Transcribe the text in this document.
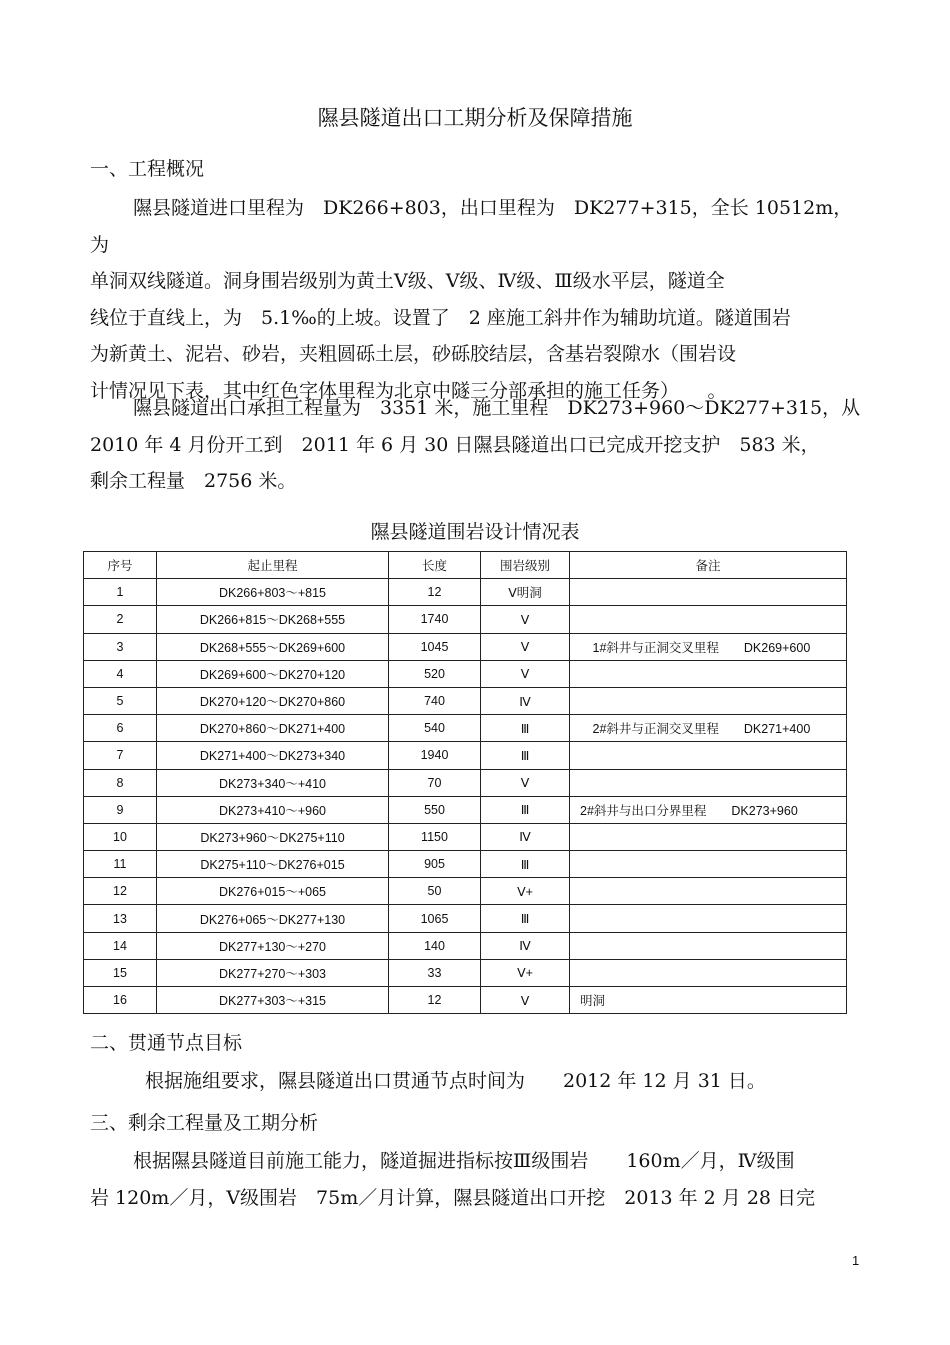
隰县隧道出口工期分析及保障措施
一、工程概况

隰县隧道进口里程为　DK266+803，出口里程为　DK277+315，全长 10512m，为

单洞双线隧道。洞身围岩级别为黄土Ⅴ级、Ⅴ级、Ⅳ级、Ⅲ级水平层，隧道全

线位于直线上，为　5.1‰的上坡。设置了　2 座施工斜井作为辅助坑道。隧道围岩

为新黄土、泥岩、砂岩，夹粗圆砾土层，砂砾胶结层，含基岩裂隙水（围岩设

计情况见下表，其中红色字体里程为北京中隧三分部承担的施工任务）　　。

隰县隧道出口承担工程量为　3351 米，施工里程　DK273+960～DK277+315，从

2010 年 4 月份开工到　2011 年 6 月 30 日隰县隧道出口已完成开挖支护　583 米，

剩余工程量　2756 米。

隰县隧道围岩设计情况表
序号	起止里程	长度	围岩级别	备注
1	DK266+803～+815	12	Ⅴ明洞	
2	DK266+815～DK268+555	1740	Ⅴ	
3	DK268+555～DK269+600	1045	Ⅴ	　1#斜井与正洞交叉里程　　DK269+600
4	DK269+600～DK270+120	520	Ⅴ	
5	DK270+120～DK270+860	740	Ⅳ	
6	DK270+860～DK271+400	540	Ⅲ	　2#斜井与正洞交叉里程　　DK271+400
7	DK271+400～DK273+340	1940	Ⅲ	
8	DK273+340～+410	70	Ⅴ	
9	DK273+410～+960	550	Ⅲ	2#斜井与出口分界里程　　DK273+960
10	DK273+960～DK275+110	1150	Ⅳ	
11	DK275+110～DK276+015	905	Ⅲ	
12	DK276+015～+065	50	Ⅴ+	
13	DK276+065～DK277+130	1065	Ⅲ	
14	DK277+130～+270	140	Ⅳ	
15	DK277+270～+303	33	Ⅴ+	
16	DK277+303～+315	12	Ⅴ	明洞
二、贯通节点目标

根据施组要求，隰县隧道出口贯通节点时间为　　2012 年 12 月 31 日。

三、剩余工程量及工期分析

根据隰县隧道目前施工能力，隧道掘进指标按Ⅲ级围岩　　160m／月，Ⅳ级围

岩 120m／月，Ⅴ级围岩　75m／月计算，隰县隧道出口开挖　2013 年 2 月 28 日完

1
